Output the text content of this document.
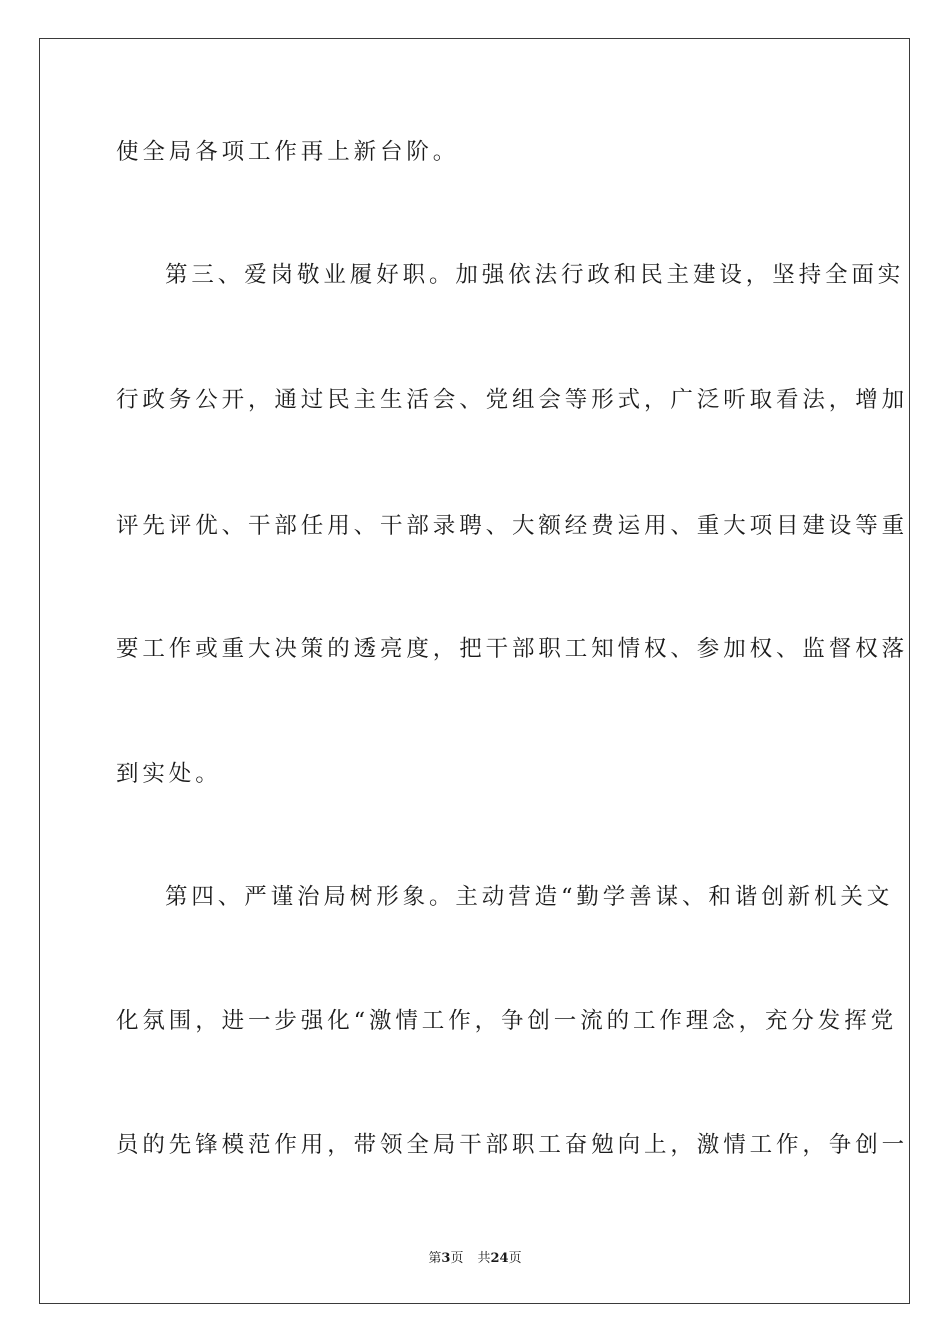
使全局各项工作再上新台阶。
第三、爱岗敬业履好职。加强依法行政和民主建设，坚持全面实
行政务公开，通过民主生活会、党组会等形式，广泛听取看法，增加
评先评优、干部任用、干部录聘、大额经费运用、重大项目建设等重
要工作或重大决策的透亮度，把干部职工知情权、参加权、监督权落
到实处。
第四、严谨治局树形象。主动营造“勤学善谋、和谐创新机关文
化氛围，进一步强化“激情工作，争创一流的工作理念，充分发挥党
员的先锋模范作用，带领全局干部职工奋勉向上，激情工作，争创一
第3页 共24页
